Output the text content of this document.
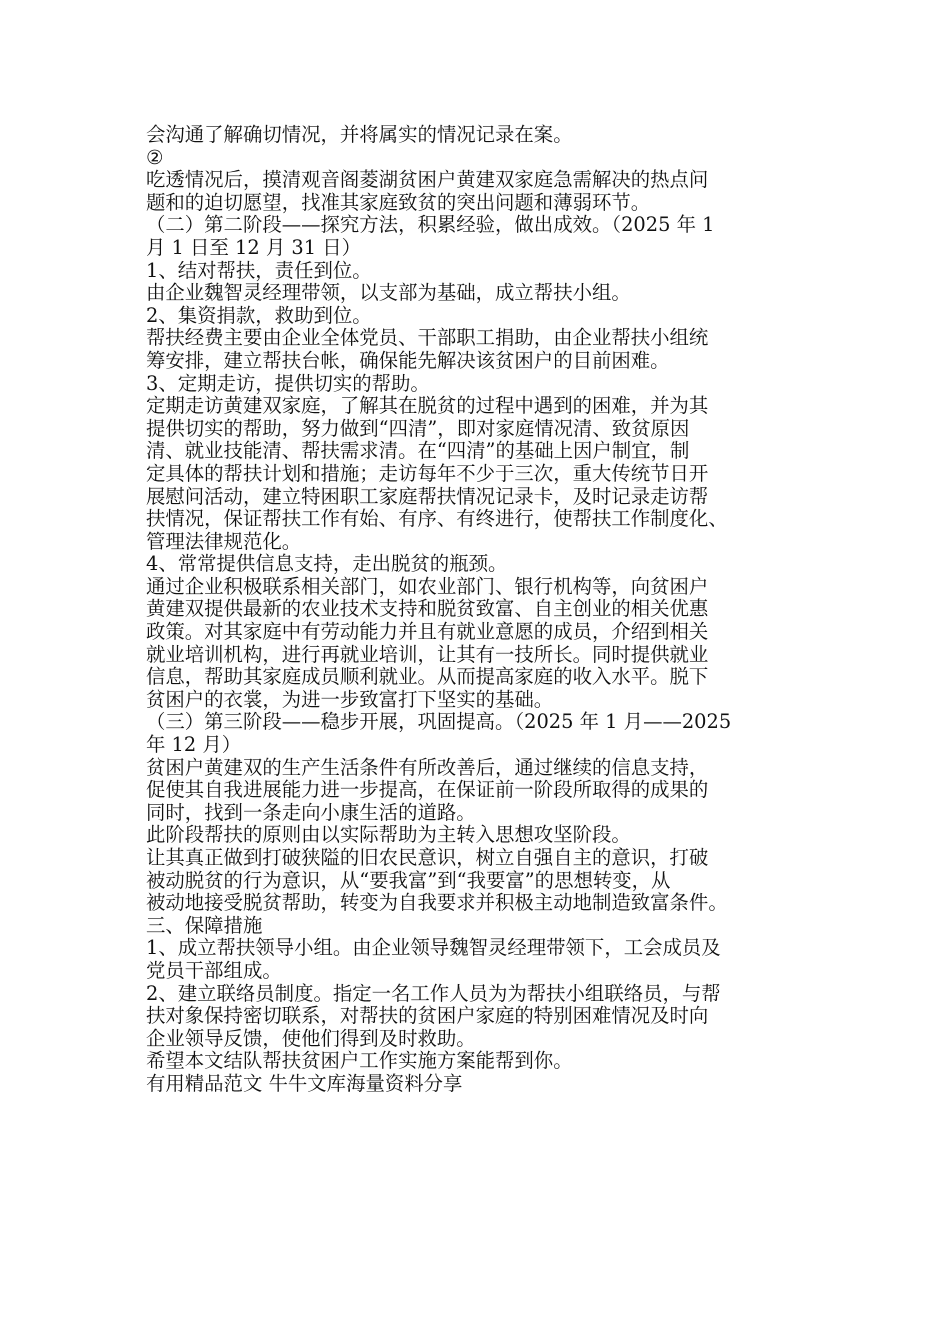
会沟通了解确切情况，并将属实的情况记录在案。
②
吃透情况后，摸清观音阁菱湖贫困户黄建双家庭急需解决的热点问
题和的迫切愿望，找准其家庭致贫的突出问题和薄弱环节。
（二）第二阶段——探究方法，积累经验，做出成效。（2025 年 1
月 1 日至 12 月 31 日）
1、结对帮扶，责任到位。
由企业魏智灵经理带领，以支部为基础，成立帮扶小组。
2、集资捐款，救助到位。
帮扶经费主要由企业全体党员、干部职工捐助，由企业帮扶小组统
筹安排，建立帮扶台帐，确保能先解决该贫困户的目前困难。
3、定期走访，提供切实的帮助。
定期走访黄建双家庭，了解其在脱贫的过程中遇到的困难，并为其
提供切实的帮助，努力做到“四清”，即对家庭情况清、致贫原因
清、就业技能清、帮扶需求清。在“四清”的基础上因户制宜，制
定具体的帮扶计划和措施；走访每年不少于三次，重大传统节日开
展慰问活动，建立特困职工家庭帮扶情况记录卡，及时记录走访帮
扶情况，保证帮扶工作有始、有序、有终进行，使帮扶工作制度化、
管理法律规范化。
4、常常提供信息支持，走出脱贫的瓶颈。
通过企业积极联系相关部门，如农业部门、银行机构等，向贫困户
黄建双提供最新的农业技术支持和脱贫致富、自主创业的相关优惠
政策。对其家庭中有劳动能力并且有就业意愿的成员，介绍到相关
就业培训机构，进行再就业培训，让其有一技所长。同时提供就业
信息，帮助其家庭成员顺利就业。从而提高家庭的收入水平。脱下
贫困户的衣裳，为进一步致富打下坚实的基础。
（三）第三阶段——稳步开展，巩固提高。（2025 年 1 月——2025
年 12 月）
贫困户黄建双的生产生活条件有所改善后，通过继续的信息支持，
促使其自我进展能力进一步提高，在保证前一阶段所取得的成果的
同时，找到一条走向小康生活的道路。
此阶段帮扶的原则由以实际帮助为主转入思想攻坚阶段。
让其真正做到打破狭隘的旧农民意识，树立自强自主的意识，打破
被动脱贫的行为意识，从“要我富”到“我要富”的思想转变，从
被动地接受脱贫帮助，转变为自我要求并积极主动地制造致富条件。
三、保障措施
1、成立帮扶领导小组。由企业领导魏智灵经理带领下，工会成员及
党员干部组成。
2、建立联络员制度。指定一名工作人员为为帮扶小组联络员，与帮
扶对象保持密切联系，对帮扶的贫困户家庭的特别困难情况及时向
企业领导反馈，使他们得到及时救助。
希望本文结队帮扶贫困户工作实施方案能帮到你。
有用精品范文 牛牛文库海量资料分享
